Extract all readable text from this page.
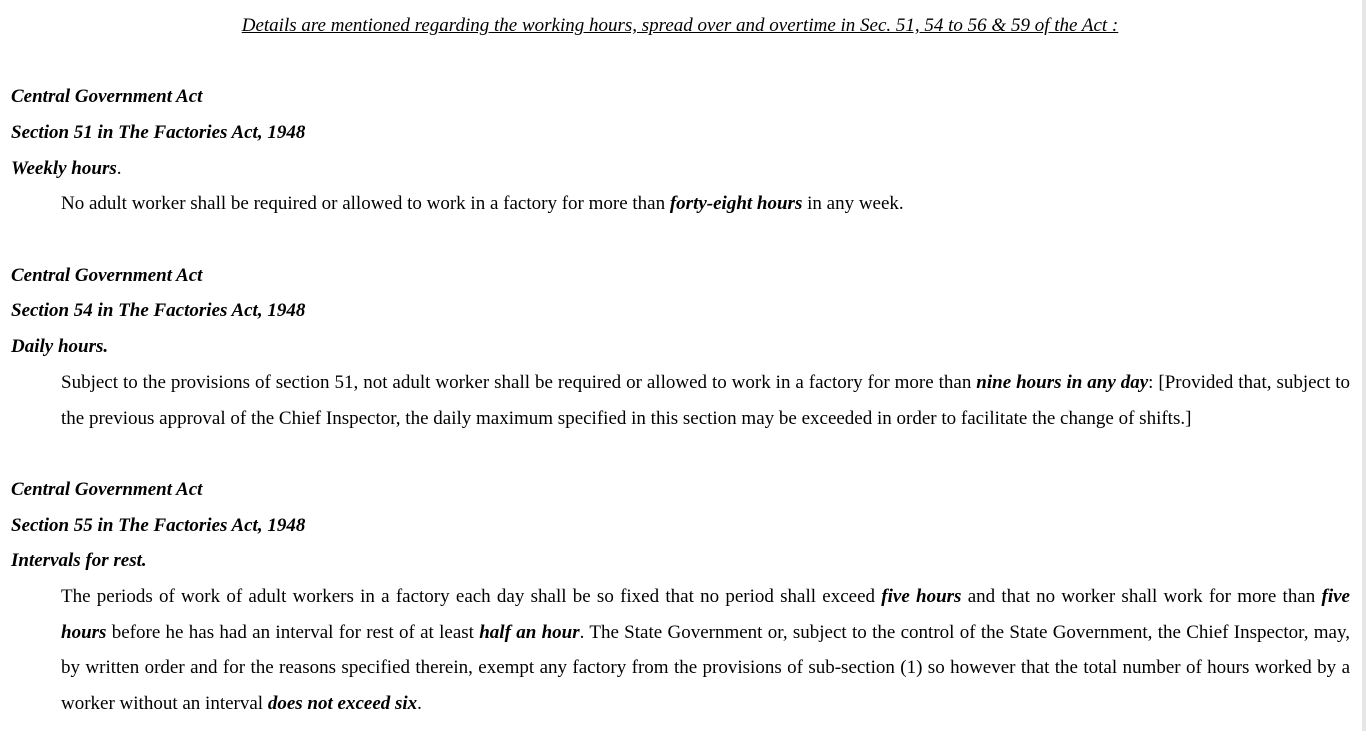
Details are mentioned regarding the working hours, spread over and overtime in Sec. 51, 54 to 56 & 59 of the Act :

Central Government Act

Section 51 in The Factories Act, 1948

Weekly hours.

No adult worker shall be required or allowed to work in a factory for more than forty-eight hours in any week.

Central Government Act

Section 54 in The Factories Act, 1948

Daily hours.

Subject to the provisions of section 51, not adult worker shall be required or allowed to work in a factory for more than nine hours in any day: [Provided that, subject to the previous approval of the Chief Inspector, the daily maximum specified in this section may be exceeded in order to facilitate the change of shifts.]

Central Government Act

Section 55 in The Factories Act, 1948

Intervals for rest.

The periods of work of adult workers in a factory each day shall be so fixed that no period shall exceed five hours and that no worker shall work for more than five hours before he has had an interval for rest of at least half an hour. The State Government or, subject to the control of the State Government, the Chief Inspector, may, by written order and for the reasons specified therein, exempt any factory from the provisions of sub-section (1) so however that the total number of hours worked by a worker without an interval does not exceed six.
